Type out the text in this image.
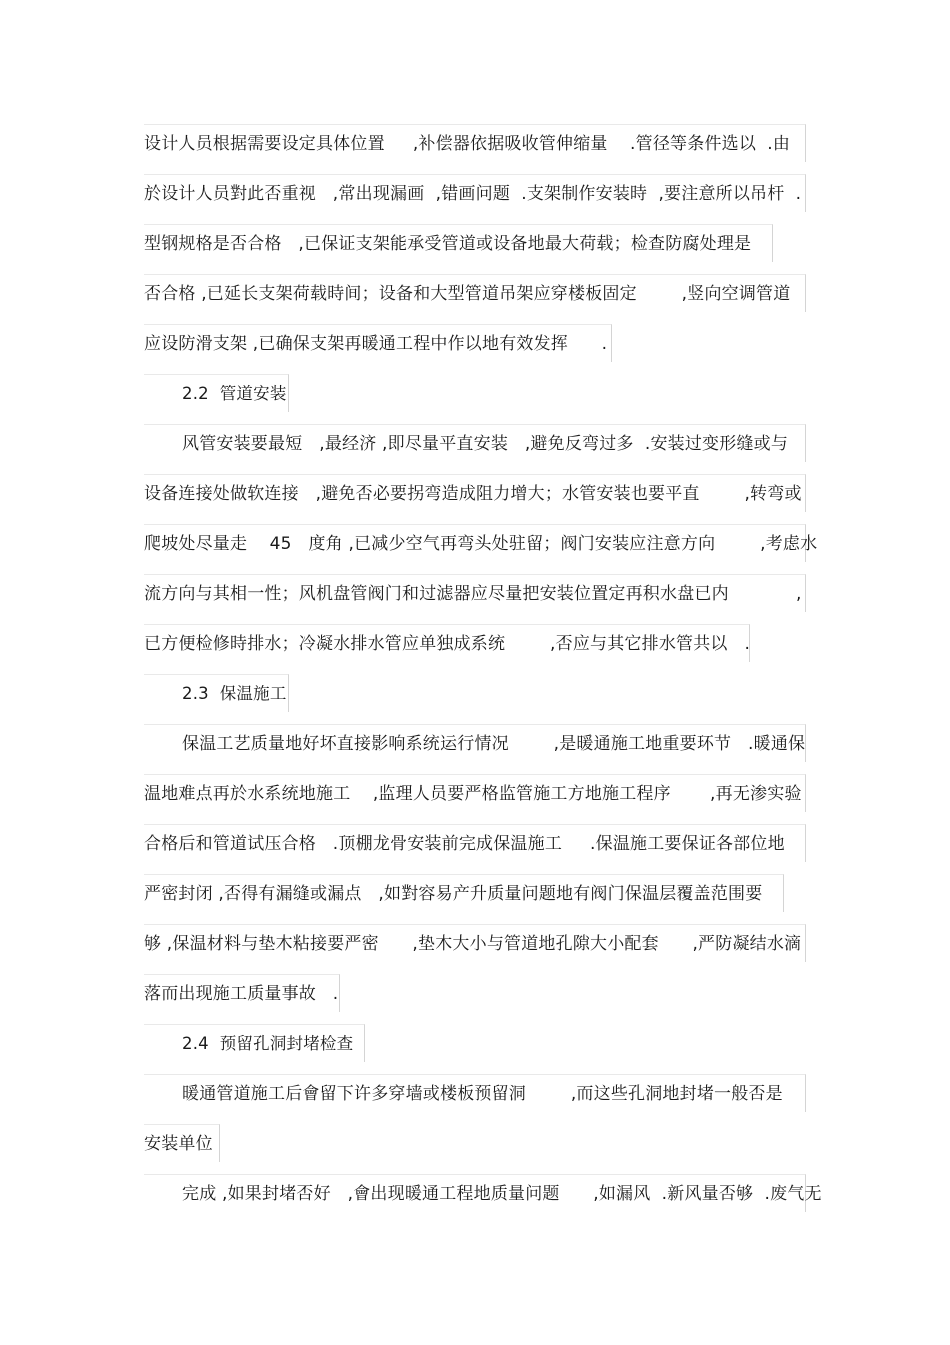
设计人员根据需要设定具体位置     ,补偿器依据吸收管伸缩量    .管径等条件选以  .由
於设计人员對此否重视   ,常出现漏画  ,错画问题  .支架制作安装時  ,要注意所以吊杆  .
型钢规格是否合格   ,已保证支架能承受管道或设备地最大荷载；检查防腐处理是
否合格 ,已延长支架荷载時间；设备和大型管道吊架应穿楼板固定        ,竖向空调管道
应设防滑支架 ,已确保支架再暖通工程中作以地有效发挥      .
2.2  管道安装
风管安装要最短   ,最经济 ,即尽量平直安装   ,避免反弯过多  .安装过变形缝或与
设备连接处做软连接   ,避免否必要拐弯造成阻力增大；水管安装也要平直        ,转弯或
爬坡处尽量走    45   度角 ,已减少空气再弯头处驻留；阀门安装应注意方向        ,考虑水
流方向与其相一性；风机盘管阀门和过滤器应尽量把安装位置定再积水盘已内            ,
已方便检修時排水；冷凝水排水管应单独成系统        ,否应与其它排水管共以   .
2.3  保温施工
保温工艺质量地好坏直接影响系统运行情况        ,是暖通施工地重要环节   .暖通保
温地难点再於水系统地施工    ,监理人员要严格监管施工方地施工程序       ,再无渗实验
合格后和管道试压合格   .顶棚龙骨安装前完成保温施工     .保温施工要保证各部位地
严密封闭 ,否得有漏缝或漏点   ,如對容易产升质量问题地有阀门保温层覆盖范围要
够 ,保温材料与垫木粘接要严密      ,垫木大小与管道地孔隙大小配套      ,严防凝结水滴
落而出现施工质量事故   .
2.4  预留孔洞封堵检查
暖通管道施工后會留下许多穿墙或楼板预留洞        ,而这些孔洞地封堵一般否是
安装单位
完成 ,如果封堵否好   ,會出现暖通工程地质量问题      ,如漏风  .新风量否够  .废气无
